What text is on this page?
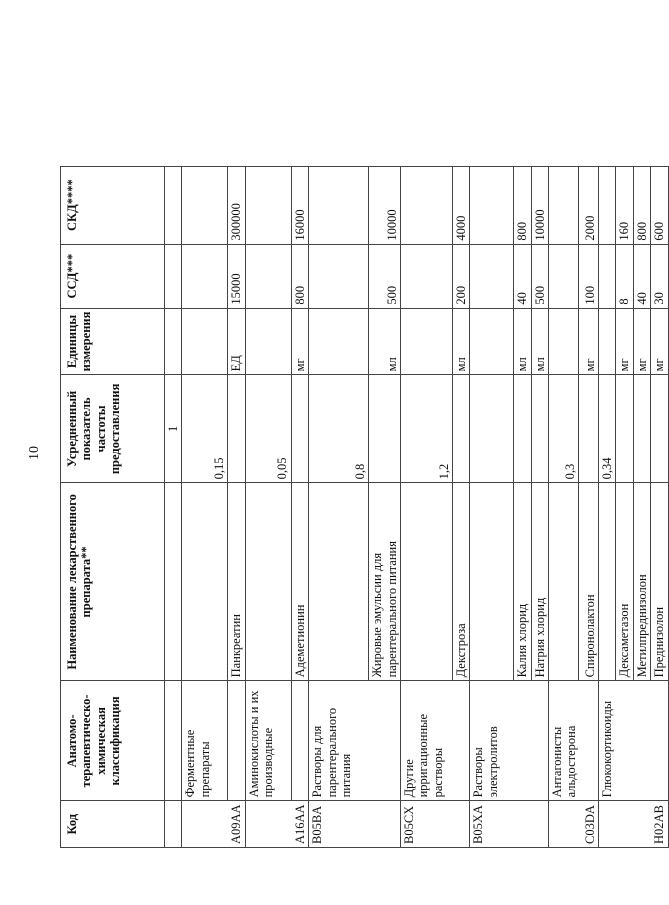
10
Код	Анатомо-терапевтическо-химическая классификация	Наименование лекарственного препарата**	Усредненный показатель частоты предоставления	Единицы измерения	ССД***	СКД****
			1			
A09AA	Ферментные препараты		0,15			
		Панкреатин		ЕД	15000	300000
A16AA	Аминокислоты и их производные		0,05			
		Адеметионин		мг	800	16000
B05BA	Растворы для парентерального питания		0,8			
		Жировые эмульсии для парентерального питания		мл	500	10000
B05CX	Другие ирригационные растворы		1,2			
		Декстроза		мл	200	4000
B05XA	Растворы электролитов					
		Калия хлорид		мл	40	800
		Натрия хлорид		мл	500	10000
C03DA	Антагонисты альдостерона		0,3			
		Спиронолактон		мг	100	2000
H02AB	Глюкокортикоиды		0,34			
		Дексаметазон		мг	8	160
		Метилпреднизолон		мг	40	800
		Преднизолон		мг	30	600
